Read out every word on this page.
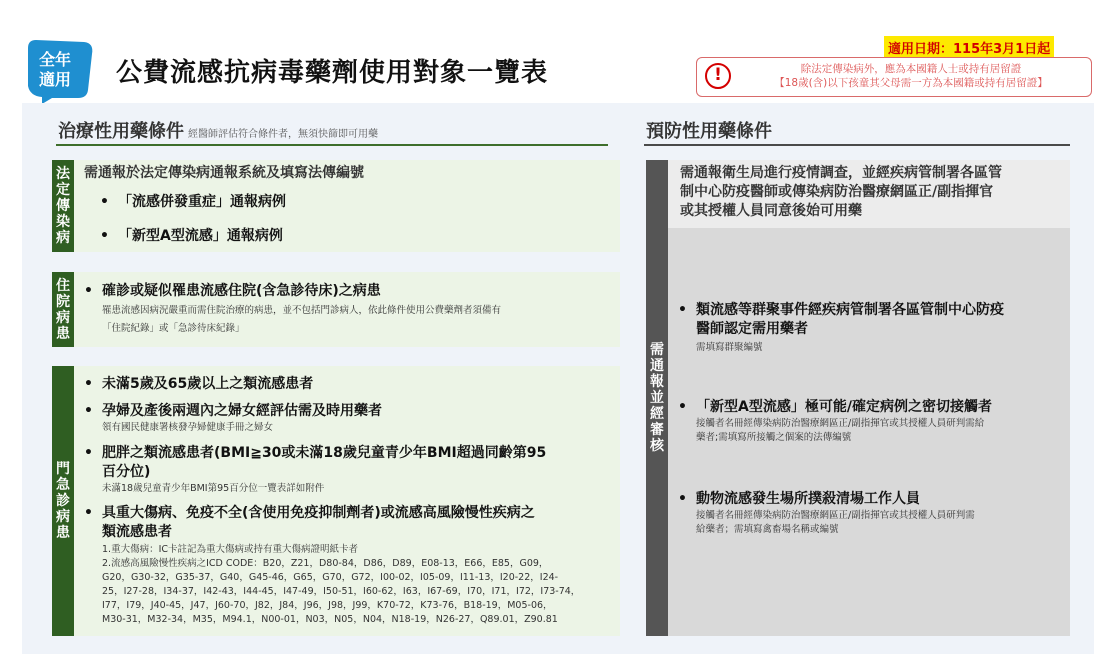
全年
適用	公費流感抗病毒藥劑使用對象一覽表
適用日期：115年3月1日起
!	除法定傳染病外，應為本國籍人士或持有居留證
【18歲(含)以下孩童其父母需一方為本國籍或持有居留證】
治療性用藥條件 經醫師評估符合條件者，無須快篩即可用藥	預防性用藥條件
法
定
傳
染
病
需通報於法定傳染病通報系統及填寫法傳編號
• 「流感併發重症」通報病例
• 「新型A型流感」通報病例
住
院
病
患
• 確診或疑似罹患流感住院(含急診待床)之病患
罹患流感因病況嚴重而需住院治療的病患，並不包括門診病人，依此條件使用公費藥劑者須備有
「住院紀錄」或「急診待床紀錄」
門
急
診
病
患
• 未滿5歲及65歲以上之類流感患者
• 孕婦及產後兩週內之婦女經評估需及時用藥者
領有國民健康署核發孕婦健康手冊之婦女
• 肥胖之類流感患者(BMI≧30或未滿18歲兒童青少年BMI超過同齡第95
百分位)
未滿18歲兒童青少年BMI第95百分位一覽表詳如附件
• 具重大傷病、免疫不全(含使用免疫抑制劑者)或流感高風險慢性疾病之
類流感患者
1.重大傷病：IC卡註記為重大傷病或持有重大傷病證明紙卡者
2.流感高風險慢性疾病之ICD CODE：B20，Z21，D80-84，D86，D89，E08-13，E66，E85，G09，
G20，G30-32，G35-37，G40，G45-46，G65，G70，G72，I00-02，I05-09，I11-13，I20-22，I24-
25，I27-28，I34-37，I42-43，I44-45，I47-49，I50-51，I60-62，I63，I67-69，I70，I71，I72，I73-74，
I77，I79，J40-45，J47，J60-70，J82，J84，J96，J98，J99，K70-72，K73-76，B18-19，M05-06，
M30-31，M32-34，M35，M94.1，N00-01，N03，N05，N04，N18-19，N26-27，Q89.01，Z90.81
需
通
報
並
經
審
核
需通報衛生局進行疫情調查，並經疾病管制署各區管
制中心防疫醫師或傳染病防治醫療網區正/副指揮官
或其授權人員同意後始可用藥
• 類流感等群聚事件經疾病管制署各區管制中心防疫
醫師認定需用藥者
需填寫群聚編號
• 「新型A型流感」極可能/確定病例之密切接觸者
接觸者名冊經傳染病防治醫療網區正/副指揮官或其授權人員研判需給
藥者;需填寫所接觸之個案的法傳編號
• 動物流感發生場所撲殺清場工作人員
接觸者名冊經傳染病防治醫療網區正/副指揮官或其授權人員研判需
給藥者；需填寫禽畜場名稱或編號
